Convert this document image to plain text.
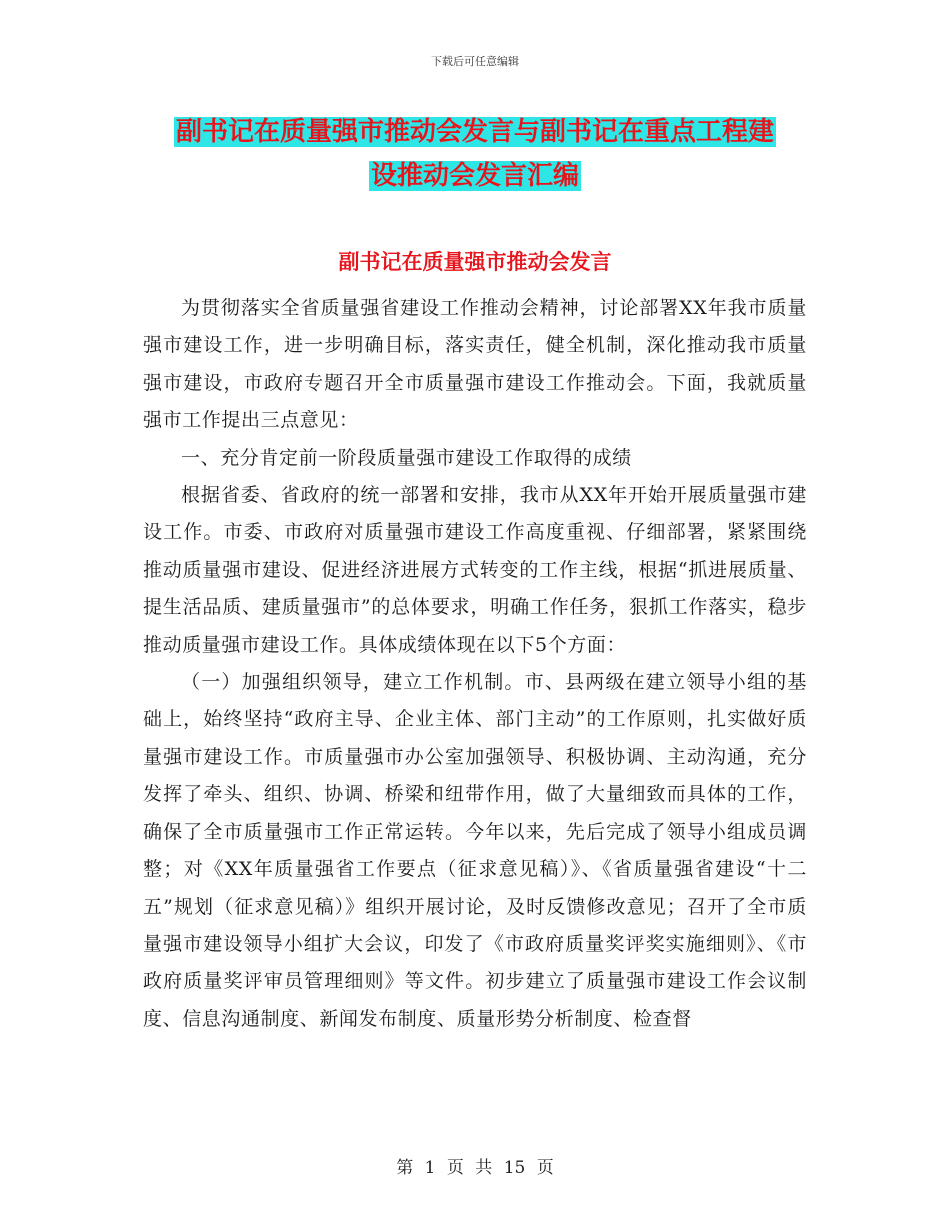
下载后可任意编辑
副书记在质量强市推动会发言与副书记在重点工程建
设推动会发言汇编
副书记在质量强市推动会发言

为贯彻落实全省质量强省建设工作推动会精神，讨论部署XX年我市质量强市建设工作，进一步明确目标，落实责任，健全机制，深化推动我市质量强市建设，市政府专题召开全市质量强市建设工作推动会。下面，我就质量强市工作提出三点意见：

一、充分肯定前一阶段质量强市建设工作取得的成绩

根据省委、省政府的统一部署和安排，我市从XX年开始开展质量强市建设工作。市委、市政府对质量强市建设工作高度重视、仔细部署，紧紧围绕推动质量强市建设、促进经济进展方式转变的工作主线，根据“抓进展质量、提生活品质、建质量强市”的总体要求，明确工作任务，狠抓工作落实，稳步推动质量强市建设工作。具体成绩体现在以下5个方面：

（一）加强组织领导，建立工作机制。市、县两级在建立领导小组的基础上，始终坚持“政府主导、企业主体、部门主动”的工作原则，扎实做好质量强市建设工作。市质量强市办公室加强领导、积极协调、主动沟通，充分发挥了牵头、组织、协调、桥梁和纽带作用，做了大量细致而具体的工作，确保了全市质量强市工作正常运转。今年以来，先后完成了领导小组成员调整；对《XX年质量强省工作要点（征求意见稿）》、《省质量强省建设“十二五”规划（征求意见稿）》组织开展讨论，及时反馈修改意见；召开了全市质量强市建设领导小组扩大会议，印发了《市政府质量奖评奖实施细则》、《市政府质量奖评审员管理细则》等文件。初步建立了质量强市建设工作会议制度、信息沟通制度、新闻发布制度、质量形势分析制度、检查督

第 1 页 共 15 页
